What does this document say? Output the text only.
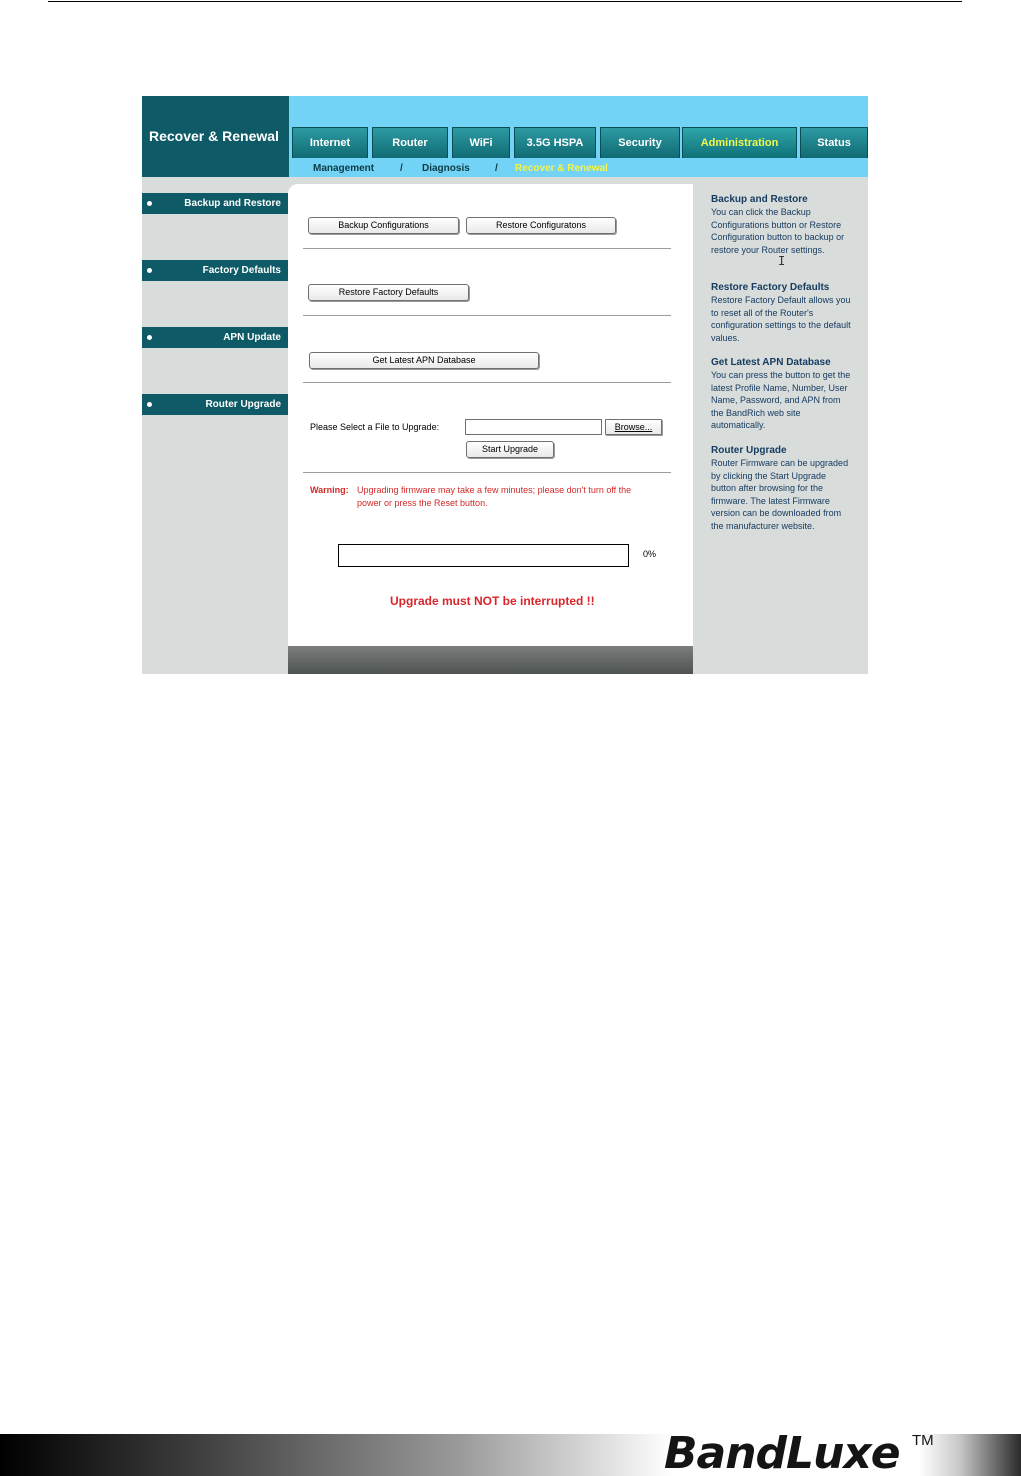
Recover & Renewal	Internet	Router	WiFi	3.5G HSPA	Security	Administration	Status
Management	/ Diagnosis	/ Recover & Renewal
Backup and Restore
Factory Defaults
APN Update
Router Upgrade
Backup Configurations	Restore Configuratons
Restore Factory Defaults
Get Latest APN Database
Please Select a File to Upgrade:	Browse...
Start Upgrade
Warning: Upgrading firmware may take a few minutes; please don't turn off the power or press the Reset button.
0%
Upgrade must NOT be interrupted !!
Backup and Restore
You can click the Backup Configurations button or Restore Configuration button to backup or restore your Router settings.
Restore Factory Defaults
Restore Factory Default allows you to reset all of the Router's configuration settings to the default values.
Get Latest APN Database
You can press the button to get the latest Profile Name, Number, User Name, Password, and APN from the BandRich web site automatically.
Router Upgrade
Router Firmware can be upgraded by clicking the Start Upgrade button after browsing for the firmware. The latest Firmware version can be downloaded from the manufacturer website.
I
BandLuxe TM
